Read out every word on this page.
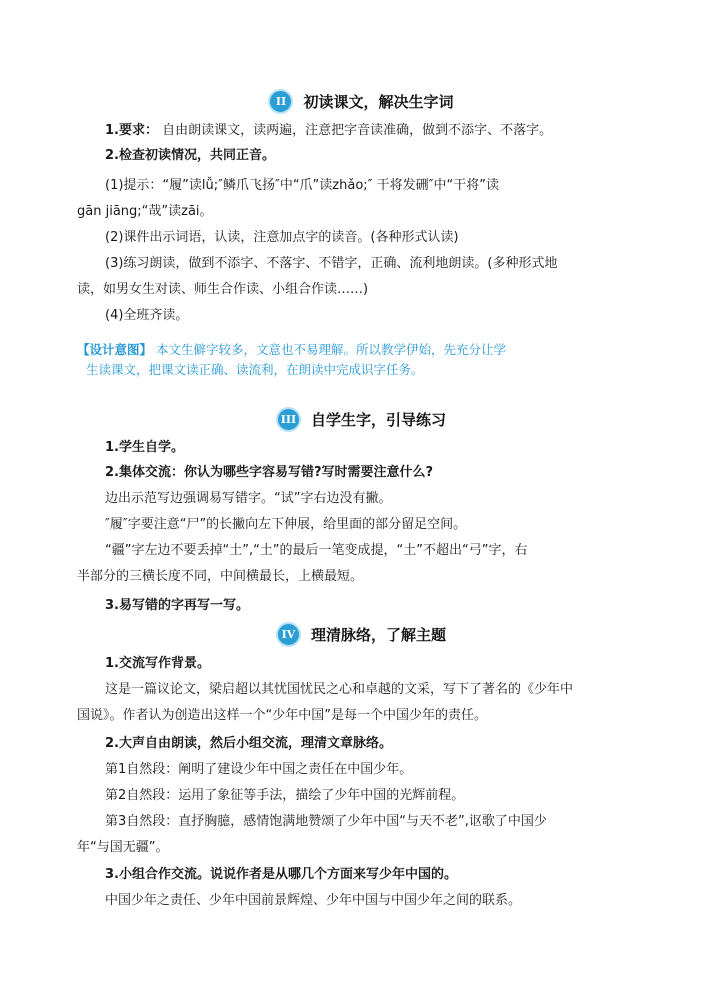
II	初读课文，解决生字词
1.要求： 自由朗读课文，读两遍，注意把字音读准确，做到不添字、不落字。
2.检查初读情况，共同正音。
(1)提示：“履”读lǚ;″鳞爪飞扬″中“爪”读zhǎo;″ 干将发硎″中“干将”读
gān jiāng;“哉”读zāi。
(2)课件出示词语，认读，注意加点字的读音。(各种形式认读)
(3)练习朗读，做到不添字、不落字、不错字，正确、流利地朗读。(多种形式地
读，如男女生对读、师生合作读、小组合作读……)
(4)全班齐读。
【设计意图】 本文生僻字较多，文意也不易理解。所以教学伊始，先充分让学
生读课文，把课文读正确、读流利，在朗读中完成识字任务。
III 自学生字，引导练习
1.学生自学。
2.集体交流：你认为哪些字容易写错?写时需要注意什么?
边出示范写边强调易写错字。“试”字右边没有撇。
″履″字要注意“尸”的长撇向左下伸展，给里面的部分留足空间。
“疆”字左边不要丢掉“土”,“土”的最后一笔变成提，“土”不超出“弓”字，右
半部分的三横长度不同，中间横最长，上横最短。
3.易写错的字再写一写。
IV	理清脉络，了解主题
1.交流写作背景。
这是一篇议论文，梁启超以其忧国忧民之心和卓越的文采，写下了著名的《少年中
国说》。作者认为创造出这样一个“少年中国”是每一个中国少年的责任。
2.大声自由朗读，然后小组交流，理清文章脉络。
第1自然段：阐明了建设少年中国之责任在中国少年。
第2自然段：运用了象征等手法，描绘了少年中国的光辉前程。
第3自然段：直抒胸臆，感情饱满地赞颂了少年中国“与天不老”,讴歌了中国少
年“与国无疆”。
3.小组合作交流。说说作者是从哪几个方面来写少年中国的。
中国少年之责任、少年中国前景辉煌、少年中国与中国少年之间的联系。
